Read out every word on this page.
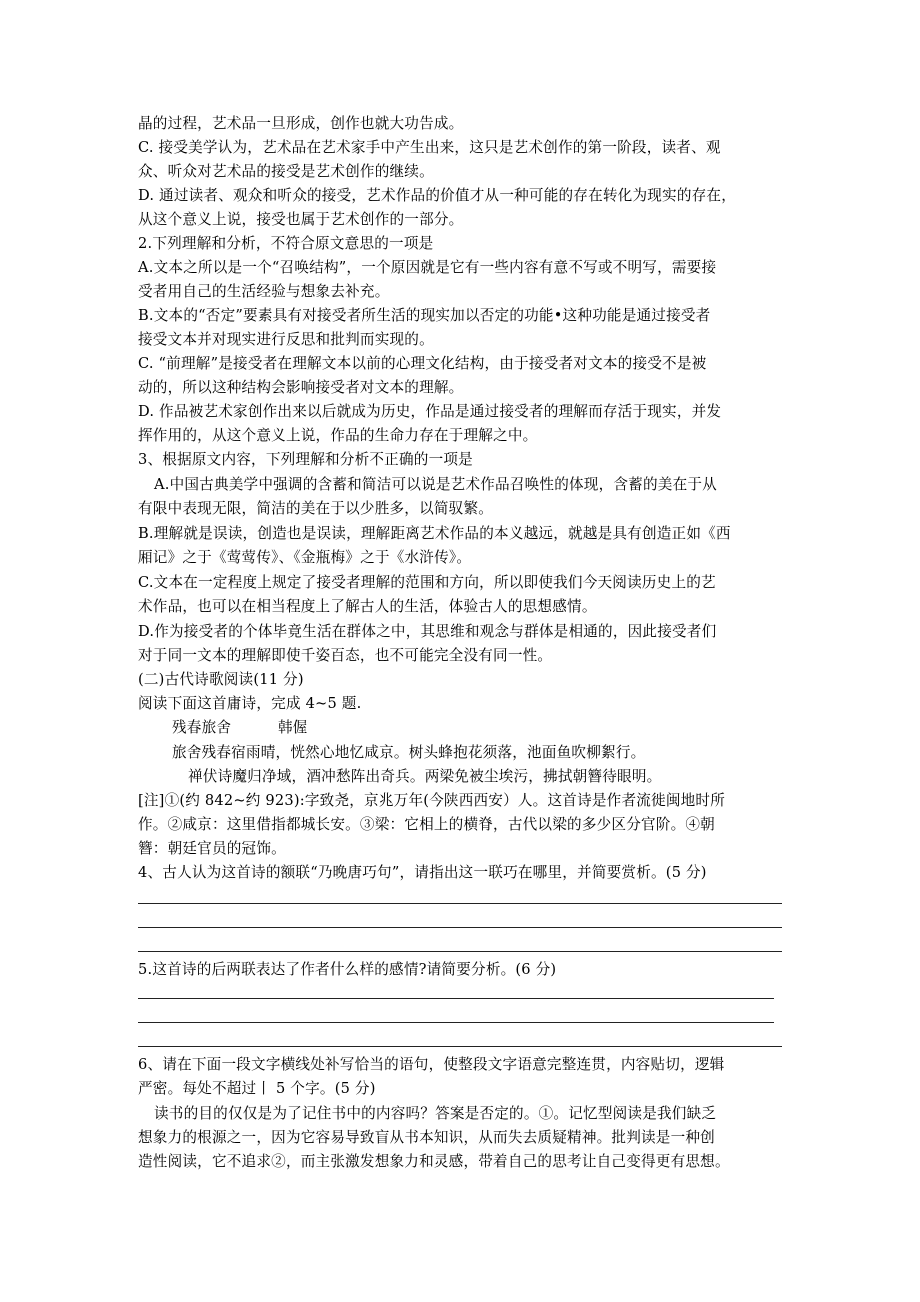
晶的过程，艺术品一旦形成，创作也就大功告成。
C. 接受美学认为，艺术品在艺术家手中产生出来，这只是艺术创作的第一阶段，读者、观
众、听众对艺术品的接受是艺术创作的继续。
D. 通过读者、观众和听众的接受，艺术作品的价值才从一种可能的存在转化为现实的存在，
从这个意义上说，接受也属于艺术创作的一部分。
2.下列理解和分析，不符合原文意思的一项是
A.文本之所以是一个“召唤结构”，一个原因就是它有一些内容有意不写或不明写，需要接
受者用自己的生活经验与想象去补充。
B.文本的“否定”要素具有对接受者所生活的现实加以否定的功能•这种功能是通过接受者
接受文本并对现实进行反思和批判而实现的。
C. “前理解”是接受者在理解文本以前的心理文化结构，由于接受者对文本的接受不是被
动的，所以这种结构会影响接受者对文本的理解。
D. 作品被艺术家创作出来以后就成为历史，作品是通过接受者的理解而存活于现实，并发
挥作用的，从这个意义上说，作品的生命力存在于理解之中。
3、根据原文内容，下列理解和分析不正确的一项是
A.中国古典美学中强调的含蓄和简洁可以说是艺术作品召唤性的体现，含蓄的美在于从
有限中表现无限，简洁的美在于以少胜多，以简驭繁。
B.理解就是误读，创造也是误读，理解距离艺术作品的本义越远，就越是具有创造正如《西
厢记》之于《莺莺传》、《金瓶梅》之于《水浒传》。
C.文本在一定程度上规定了接受者理解的范围和方向，所以即使我们今天阅读历史上的艺
术作品，也可以在相当程度上了解古人的生活，体验古人的思想感情。
D.作为接受者的个体毕竟生活在群体之中，其思维和观念与群体是相通的，因此接受者们
对于同一文本的理解即使千姿百态，也不可能完全没有同一性。
(二)古代诗歌阅读(11 分)
阅读下面这首庸诗，完成 4~5 题.
残春旅舍	韩偓
旅舍残春宿雨晴，恍然心地忆咸京。树头蜂抱花须落，池面鱼吹柳絮行。
禅伏诗魔归净域，酒冲愁阵出奇兵。两梁免被尘埃污，拂拭朝簪待眼明。
[注]①(约 842~约 923):字致尧，京兆万年(今陕西西安）人。这首诗是作者流徙闽地时所
作。②咸京：这里借指都城长安。③梁：它相上的横脊，古代以梁的多少区分官阶。④朝
簪：朝廷官员的冠饰。
4、古人认为这首诗的额联“乃晚唐巧句”，请指出这一联巧在哪里，并简要赏析。(5 分)
5.这首诗的后两联表达了作者什么样的感情?请简要分析。(6 分)
6、请在下面一段文字横线处补写恰当的语句，使整段文字语意完整连贯，内容贴切，逻辑
严密。每处不超过丨 5 个字。(5 分)
读书的目的仅仅是为了记住书中的内容吗？答案是否定的。①。记忆型阅读是我们缺乏
想象力的根源之一，因为它容易导致盲从书本知识，从而失去质疑精神。批判读是一种创
造性阅读，它不追求②，而主张激发想象力和灵感，带着自己的思考让自己变得更有思想。
